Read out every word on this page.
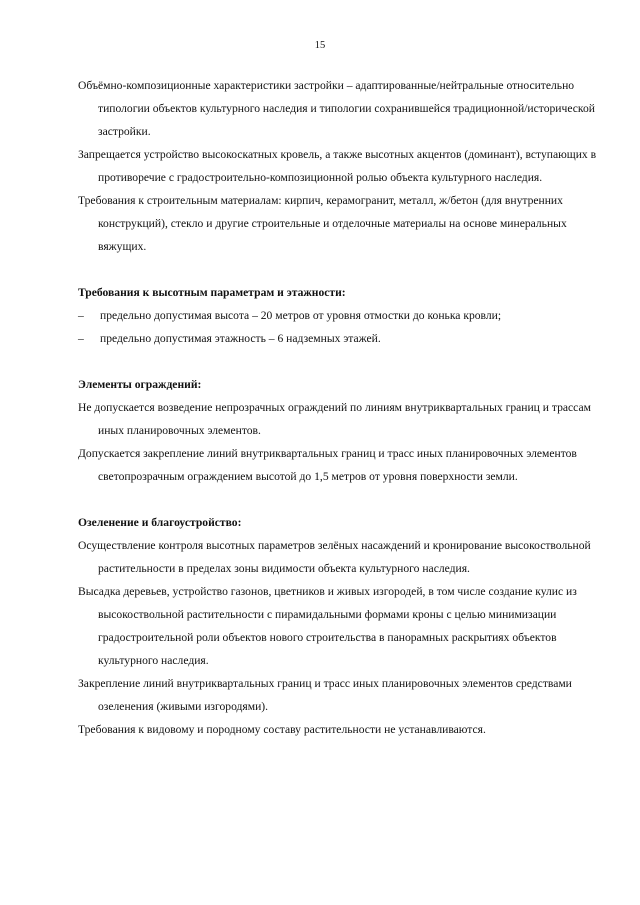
15

Объёмно-композиционные характеристики застройки – адаптированные/нейтральные относительно типологии объектов культурного наследия и типологии сохранившейся традиционной/исторической застройки.

Запрещается устройство высокоскатных кровель, а также высотных акцентов (доминант), вступающих в противоречие с градостроительно-композиционной ролью объекта культурного наследия.

Требования к строительным материалам: кирпич, керамогранит, металл, ж/бетон (для внутренних конструкций), стекло и другие строительные и отделочные материалы на основе минеральных вяжущих.

Требования к высотным параметрам и этажности:

– предельно допустимая высота – 20 метров от уровня отмостки до конька кровли;

– предельно допустимая этажность – 6 надземных этажей.

Элементы ограждений:

Не допускается возведение непрозрачных ограждений по линиям внутриквартальных границ и трассам иных планировочных элементов.

Допускается закрепление линий внутриквартальных границ и трасс иных планировочных элементов светопрозрачным ограждением высотой до 1,5 метров от уровня поверхности земли.

Озеленение и благоустройство:

Осуществление контроля высотных параметров зелёных насаждений и кронирование высокоствольной растительности в пределах зоны видимости объекта культурного наследия.

Высадка деревьев, устройство газонов, цветников и живых изгородей, в том числе создание кулис из высокоствольной растительности с пирамидальными формами кроны с целью минимизации градостроительной роли объектов нового строительства в панорамных раскрытиях объектов культурного наследия.

Закрепление линий внутриквартальных границ и трасс иных планировочных элементов средствами озеленения (живыми изгородями).

Требования к видовому и породному составу растительности не устанавливаются.
